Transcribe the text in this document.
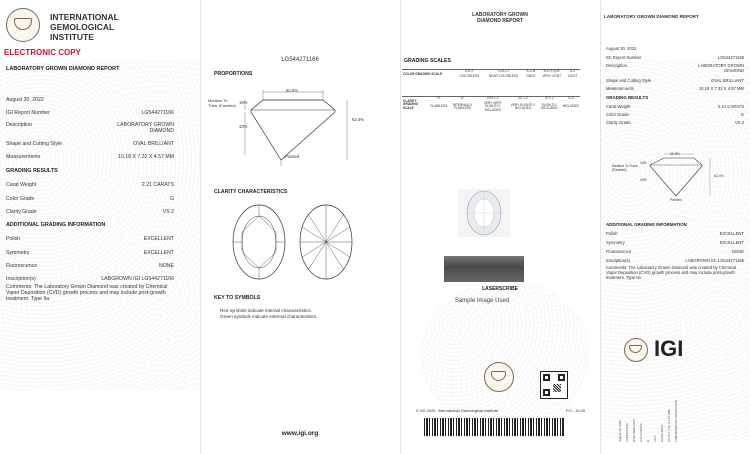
INTERNATIONAL
GEMOLOGICAL
INSTITUTE
ELECTRONIC COPY
LABORATORY GROWN DIAMOND REPORT
August 30, 2022
IGI Report Number	LG544271166
Description	LABORATORY GROWN DIAMOND
Shape and Cutting Style	OVAL BRILLIANT
Measurements	10.18 X 7.32 X 4.57 MM
GRADING RESULTS
Carat Weight	2.21 CARATS
Color Grade	G
Clarity Grade	VS 2
ADDITIONAL GRADING INFORMATION
Polish	EXCELLENT
Symmetry	EXCELLENT
Fluorescence	NONE
Inscription(s)	LABGROWN IGI LG544271166
Comments: The Laboratory Grown Diamond was created by Chemical Vapor Deposition (CVD) growth process and may include post-growth treatment. Type IIa
LG544271166
PROPORTIONS
60.5%
15%
43%
62.4%
Medium To Thick (Faceted)
Pointed
CLARITY CHARACTERISTICS
KEY TO SYMBOLS
Red symbols indicate internal characteristics.
Green symbols indicate external characteristics.
www.igi.org
LABORATORY GROWN
DIAMOND REPORT
GRADING SCALES
COLOR GRADING SCALE	D-E-F	G-H-I-J	K-L-M	N-O-P-Q-R	S-Z
	COLORLESS	NEAR COLORLESS	FAINT	VERY LIGHT	LIGHT
CLARITY GRADING SCALE	FL	IF	VVS 1-2	VS 1-2	SI 1-2	I1-3
	FLAWLESS	INTERNALLY FLAWLESS	VERY VERY SLIGHTLY INCLUDED	VERY SLIGHTLY INCLUDED	SLIGHTLY INCLUDED	INCLUDED
LASERSCRIBE
Sample Image Used
© IGI 2020, International Gemological Institute	FO - 10.20
LABORATORY GROWN DIAMOND REPORT
August 30, 2022
IGI Report Number	LG544271166
Description	LABORATORY GROWN DIAMOND
Shape and Cutting Style	OVAL BRILLIANT
Measurements	10.18 X 7.32 X 4.57 MM
GRADING RESULTS
Carat Weight	2.21 CARATS
Color Grade	G
Clarity Grade	VS 2
60.5%
15%
43%
62.4%
Medium To Thick (Faceted)
Pointed
ADDITIONAL GRADING INFORMATION
Polish	EXCELLENT
Symmetry	EXCELLENT
Fluorescence	NONE
Inscription(s)	LABGROWN IGI LG544271166
Comments: The Laboratory Grown Diamond was created by Chemical Vapor Deposition (CVD) growth process and may include post-growth treatment. Type IIa
IGI
August 30, 2022	LG544271166	OVAL BRILLIANT	2.21 CARATS	G	VS 2	EXCELLENT	10.18 X 7.32 X 4.57 MM	LABGROWN IGI LG544271166
